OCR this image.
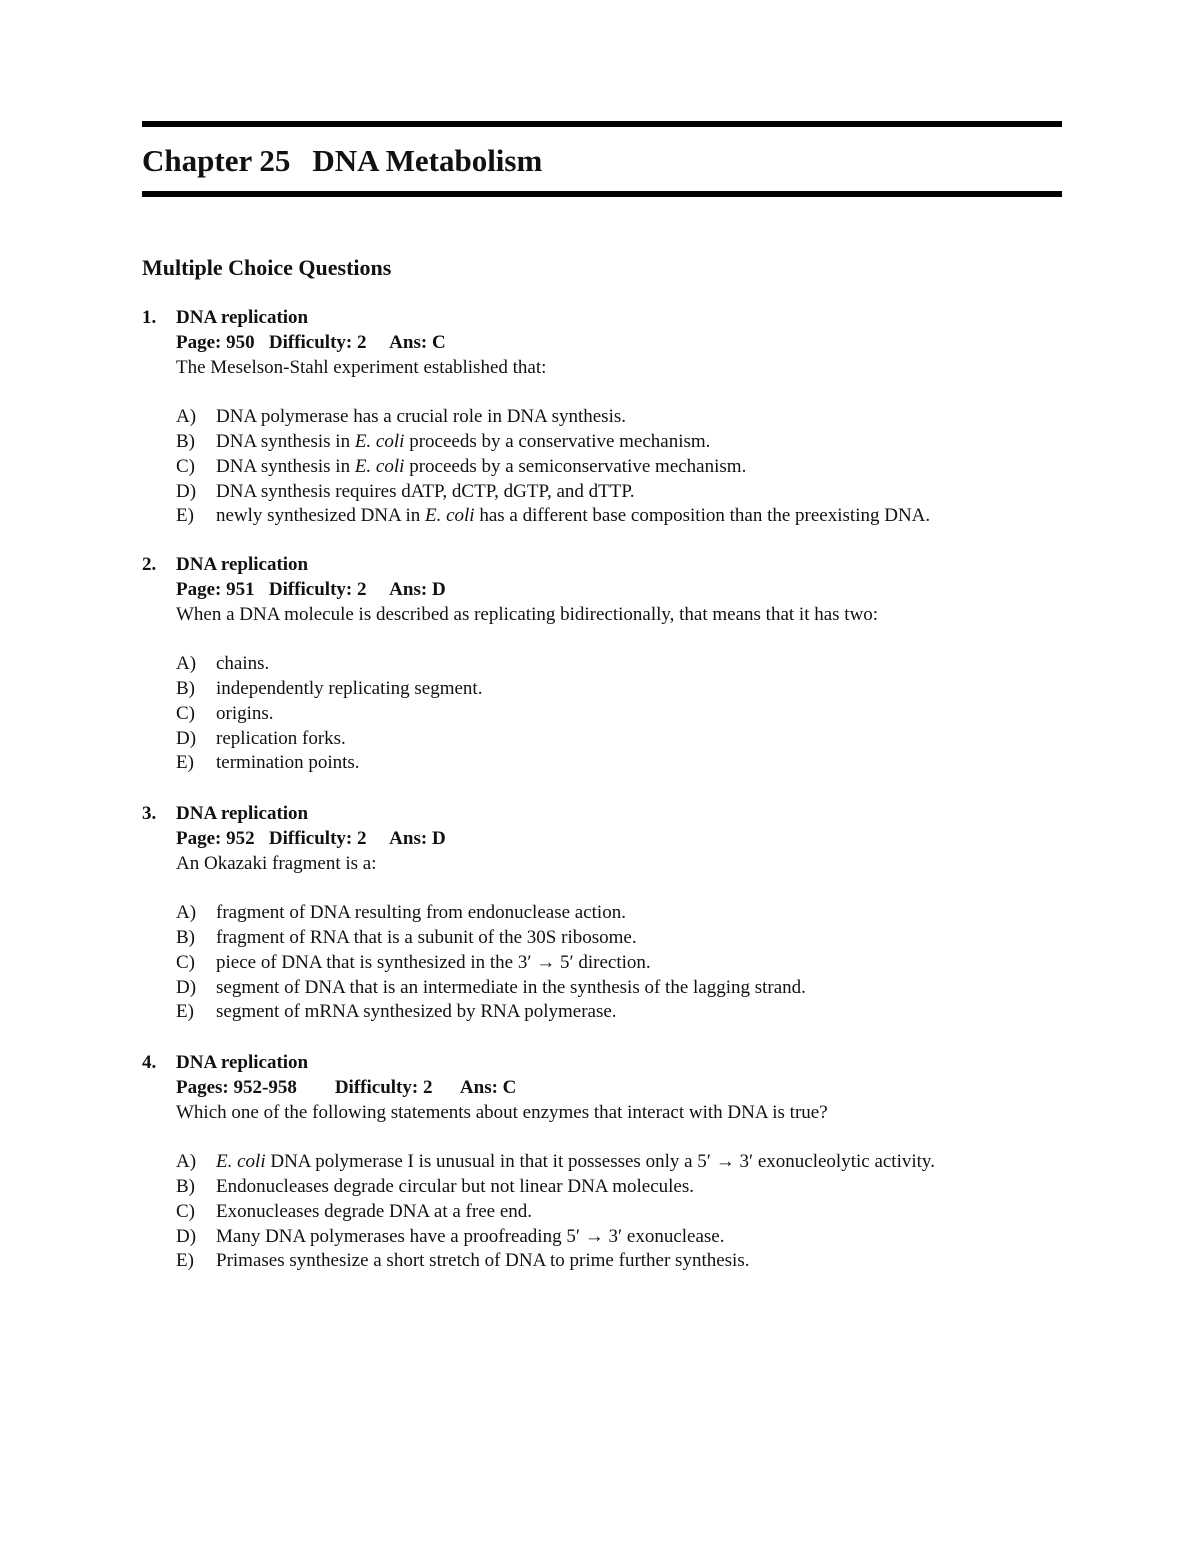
Chapter 25 DNA Metabolism
Multiple Choice Questions
1.	DNA replication
Page: 950   Difficulty: 2     Ans: C
The Meselson-Stahl experiment established that:
A)	DNA polymerase has a crucial role in DNA synthesis.
B)	DNA synthesis in E. coli proceeds by a conservative mechanism.
C)	DNA synthesis in E. coli proceeds by a semiconservative mechanism.
D)	DNA synthesis requires dATP, dCTP, dGTP, and dTTP.
E)	newly synthesized DNA in E. coli has a different base composition than the preexisting DNA.
2.	DNA replication
Page: 951   Difficulty: 2     Ans: D
When a DNA molecule is described as replicating bidirectionally, that means that it has two:
A)	chains.
B)	independently replicating segment.
C)	origins.
D)	replication forks.
E)	termination points.
3.	DNA replication
Page: 952   Difficulty: 2     Ans: D
An Okazaki fragment is a:
A)	fragment of DNA resulting from endonuclease action.
B)	fragment of RNA that is a subunit of the 30S ribosome.
C)	piece of DNA that is synthesized in the 3′ → 5′ direction.
D)	segment of DNA that is an intermediate in the synthesis of the lagging strand.
E)	segment of mRNA synthesized by RNA polymerase.
4.	DNA replication
Pages: 952-958        Difficulty: 2      Ans: C
Which one of the following statements about enzymes that interact with DNA is true?
A)	E. coli DNA polymerase I is unusual in that it possesses only a 5′ → 3′ exonucleolytic activity.
B)	Endonucleases degrade circular but not linear DNA molecules.
C)	Exonucleases degrade DNA at a free end.
D)	Many DNA polymerases have a proofreading 5′ → 3′ exonuclease.
E)	Primases synthesize a short stretch of DNA to prime further synthesis.
